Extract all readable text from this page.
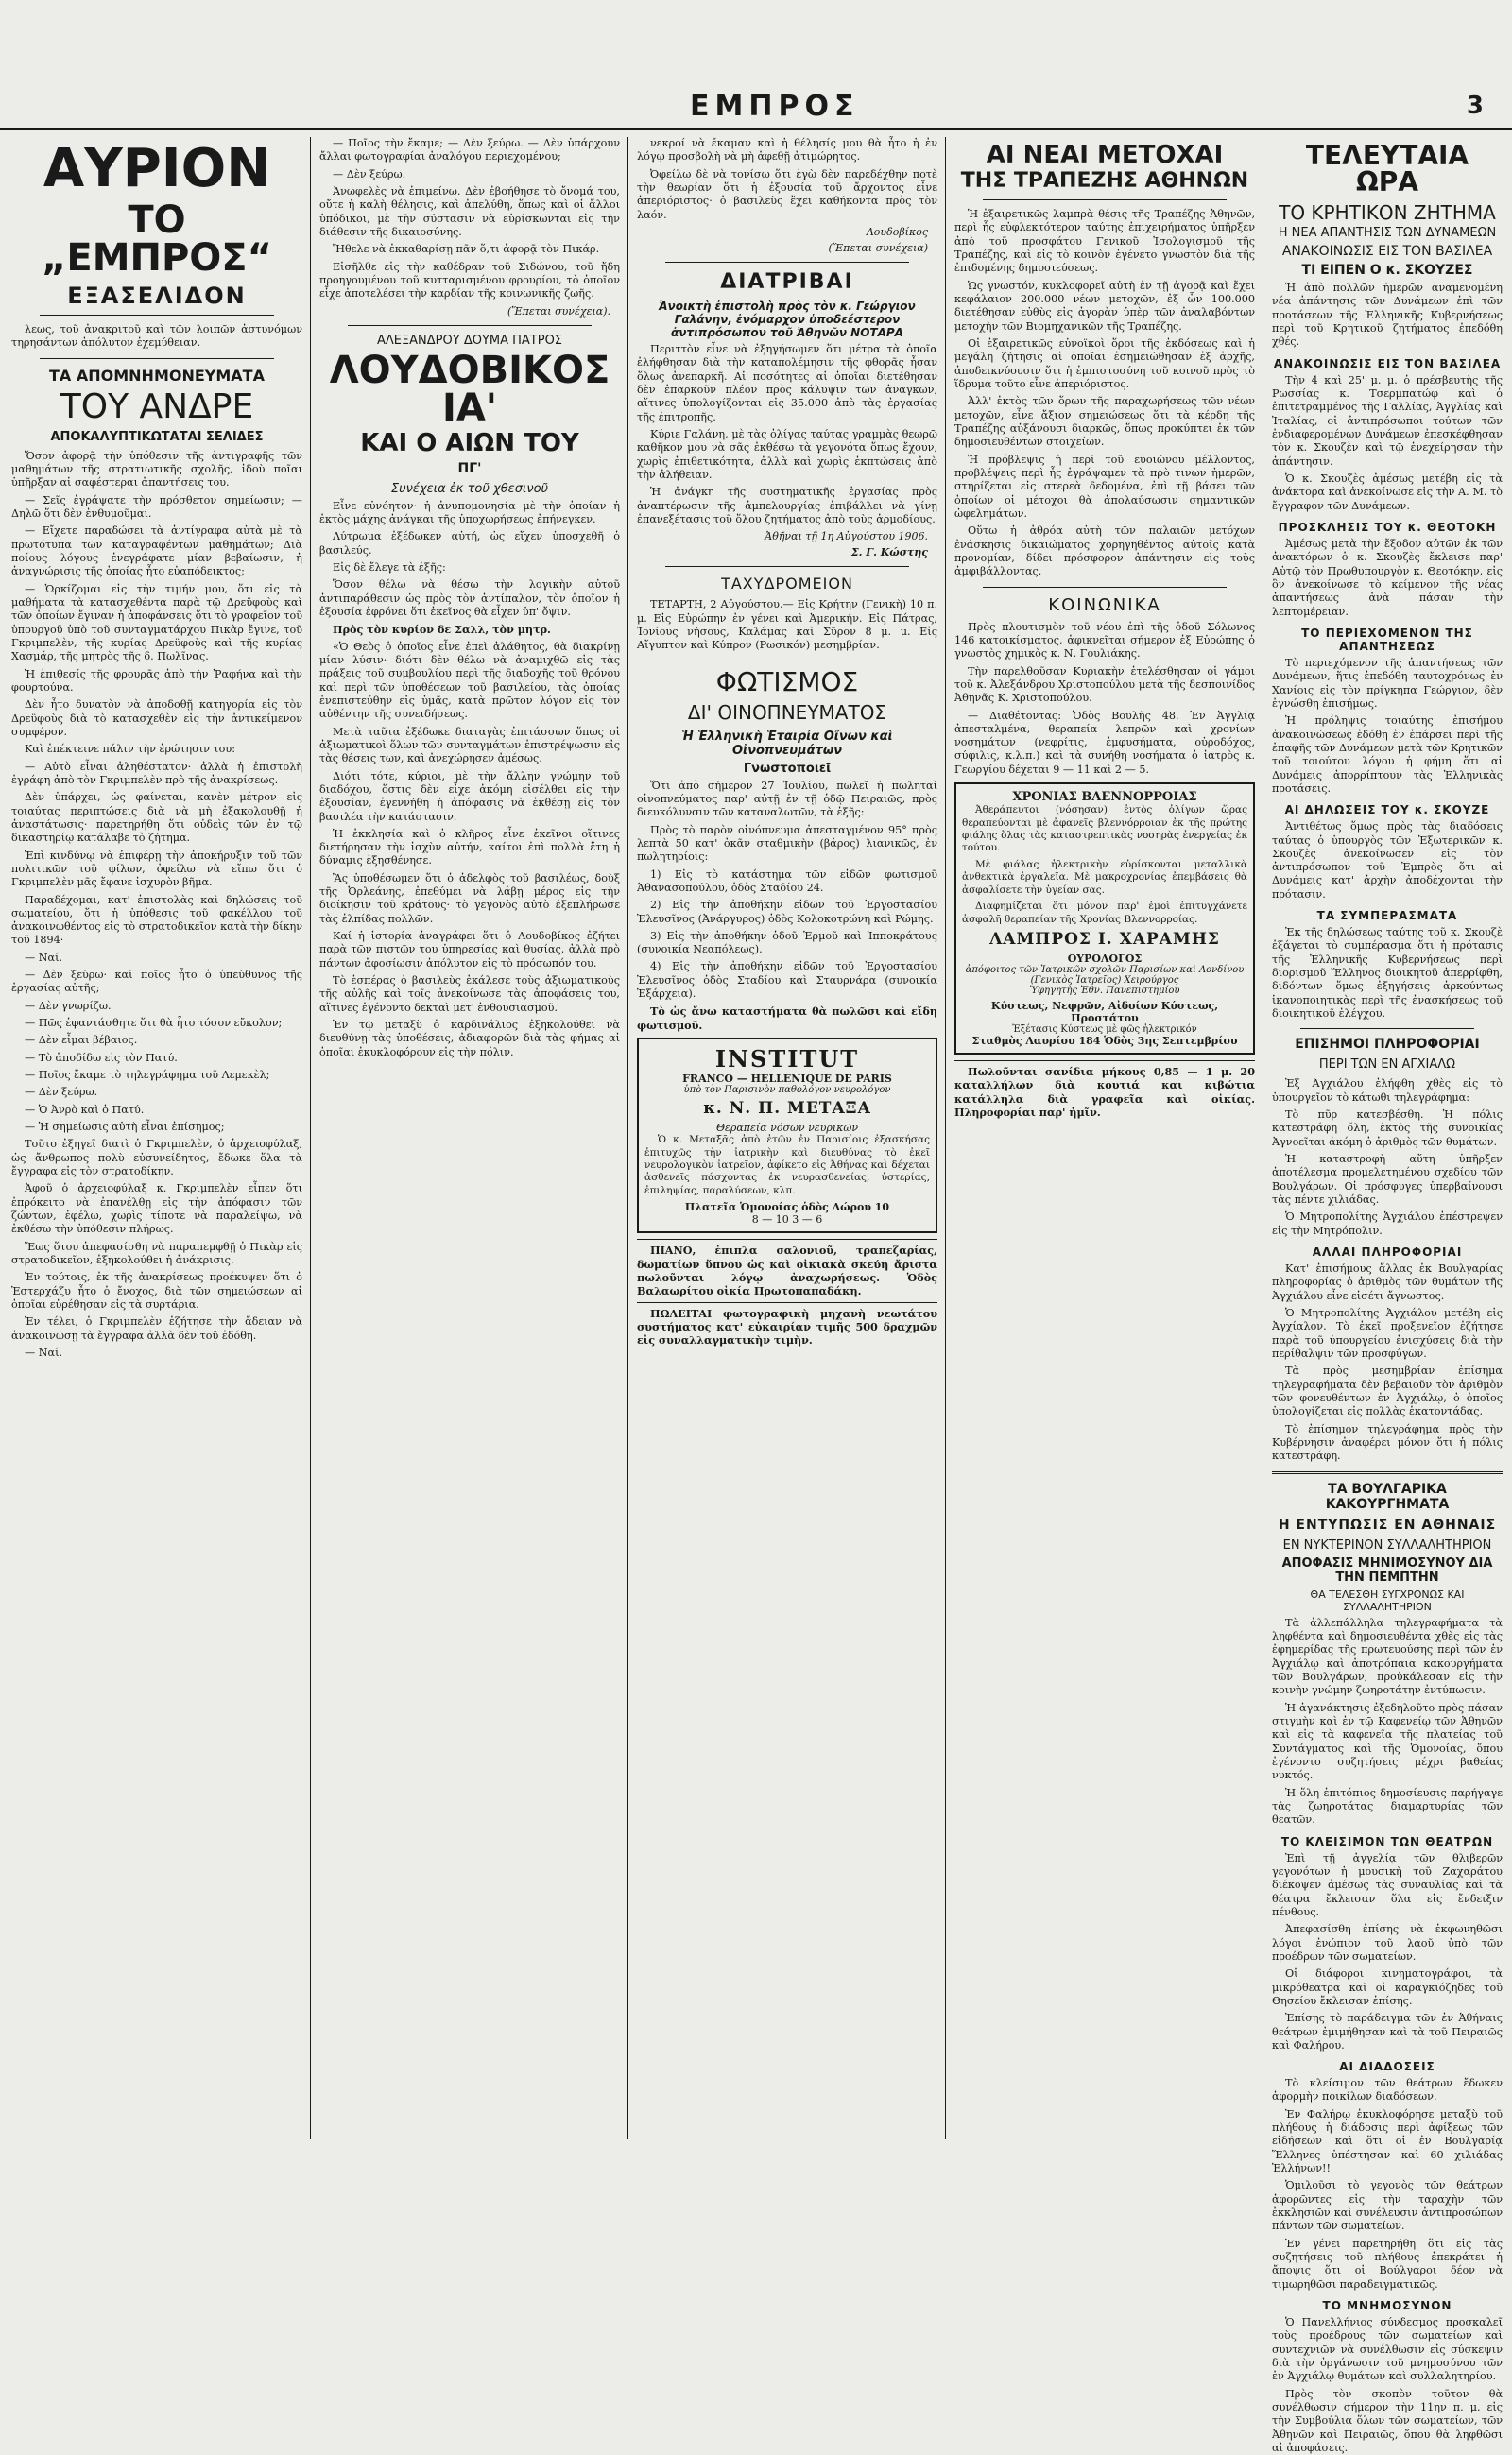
ΕΜΠΡΟΣ	3
ΑΥΡΙΟΝ
ΤΟ „ΕΜΠΡΟΣ“
ΕΞΑΣΕΛΙΔΟΝ

λεως, τοῦ ἀνακριτοῦ καὶ τῶν λοιπῶν ἀστυνόμων τηρησάντων ἀπόλυτον ἐχεμύθειαν.

ΤΑ ΑΠΟΜΝΗΜΟΝΕΥΜΑΤΑ
ΤΟΥ ΑΝΔΡΕ
ΑΠΟΚΑΛΥΠΤΙΚΩΤΑΤΑΙ ΣΕΛΙΔΕΣ

Ὅσον ἀφορᾷ τὴν ὑπόθεσιν τῆς ἀντιγραφῆς τῶν μαθημάτων τῆς στρατιωτικῆς σχολῆς, ἰδοὺ ποῖαι ὑπῆρξαν αἱ σαφέστεραι ἀπαντήσεις του.

— Σεῖς ἐγράψατε τὴν πρόσθετον σημείωσιν; — Δηλῶ ὅτι δὲν ἐνθυμοῦμαι.

— Εἴχετε παραδώσει τὰ ἀντίγραφα αὐτὰ μὲ τὰ πρωτότυπα τῶν καταγραφέντων μαθημάτων; Διὰ ποίους λόγους ἐνεγράφατε μίαν βεβαίωσιν, ἡ ἀναγνώρισις τῆς ὁποίας ἦτο εὐαπόδεικτος;

— Ὡρκίζομαι εἰς τὴν τιμήν μου, ὅτι εἰς τὰ μαθήματα τὰ κατασχεθέντα παρὰ τῷ Δρεϋφοὺς καὶ τῶν ὁποίων ἔγιναν ἡ ἀποφάνσεις ὅτι τὸ γραφεῖον τοῦ ὑπουργοῦ ὑπὸ τοῦ συνταγματάρχου Πικὰρ ἔγινε, τοῦ Γκριμπελὲν, τῆς κυρίας Δρεϋφοὺς καὶ τῆς κυρίας Χασμάρ, τῆς μητρὸς τῆς δ. Πωλῖνας.

Ἡ ἐπιθεσίς τῆς φρουρᾶς ἀπὸ τὴν Ῥαφήνα καὶ τὴν φουρτούνα.

Δὲν ἦτο δυνατὸν νὰ ἀποδοθῇ κατηγορία εἰς τὸν Δρεϋφοὺς διὰ τὸ κατασχεθὲν εἰς τὴν ἀντικείμενον συμφέρον.

Καὶ ἐπέκτεινε πάλιν τὴν ἐρώτησιν του:

— Αὐτὸ εἶναι ἀληθέστατον· ἀλλὰ ἡ ἐπιστολὴ ἐγράφη ἀπὸ τὸν Γκριμπελὲν πρὸ τῆς ἀνακρίσεως.

Δὲν ὑπάρχει, ὡς φαίνεται, κανὲν μέτρον εἰς τοιαύτας περιπτώσεις διὰ νὰ μὴ ἐξακολουθῇ ἡ ἀναστάτωσις· παρετηρήθη ὅτι οὐδεὶς τῶν ἐν τῷ δικαστηρίῳ κατάλαβε τὸ ζήτημα.

Ἐπὶ κινδύνῳ νὰ ἐπιφέρῃ τὴν ἀποκήρυξιν τοῦ τῶν πολιτικῶν τοῦ φίλων, ὀφείλω νὰ εἴπω ὅτι ὁ Γκριμπελὲν μᾶς ἔφανε ἰσχυρὸν βῆμα.

Παραδέχομαι, κατ' ἐπιστολὰς καὶ δηλώσεις τοῦ σωματείου, ὅτι ἡ ὑπόθεσις τοῦ φακέλλου τοῦ ἀνακοινωθέντος εἰς τὸ στρατοδικεῖον κατὰ τὴν δίκην τοῦ 1894·

— Ναί.

— Δὲν ξεύρω· καὶ ποῖος ἦτο ὁ ὑπεύθυνος τῆς ἐργασίας αὐτῆς;

— Δὲν γνωρίζω.

— Πῶς ἐφαντάσθητε ὅτι θὰ ἦτο τόσον εὔκολον;

— Δὲν εἶμαι βέβαιος.

— Τὸ ἀποδίδω εἰς τὸν Πατύ.

— Ποῖος ἔκαμε τὸ τηλεγράφημα τοῦ Λεμεκὲλ;

— Δὲν ξεύρω.

— Ὁ Ἀνρὸ καὶ ὁ Πατύ.

— Ἡ σημείωσις αὐτὴ εἶναι ἐπίσημος;

Τοῦτο ἐξηγεῖ διατὶ ὁ Γκριμπελὲν, ὁ ἀρχειοφύλαξ, ὡς ἄνθρωπος πολὺ εὐσυνείδητος, ἔδωκε ὅλα τὰ ἔγγραφα εἰς τὸν στρατοδίκην.

Ἀφοῦ ὁ ἀρχειοφύλαξ κ. Γκριμπελὲν εἶπεν ὅτι ἐπρόκειτο νὰ ἐπανέλθῃ εἰς τὴν ἀπόφασιν τῶν ζώντων, ἐφέλω, χωρὶς τίποτε νὰ παραλείψω, νὰ ἐκθέσω τὴν ὑπόθεσιν πλήρως.

Ἔως ὅτου ἀπεφασίσθη νὰ παραπεμφθῇ ὁ Πικὰρ εἰς στρατοδικεῖον, ἐξηκολούθει ἡ ἀνάκρισις.

Ἐν τούτοις, ἐκ τῆς ἀνακρίσεως προέκυψεν ὅτι ὁ Ἐστερχάζυ ἦτο ὁ ἔνοχος, διὰ τῶν σημειώσεων αἱ ὁποῖαι εὑρέθησαν εἰς τὰ συρτάρια.

Ἐν τέλει, ὁ Γκριμπελὲν ἐζήτησε τὴν ἄδειαν νὰ ἀνακοινώσῃ τὰ ἔγγραφα ἀλλὰ δὲν τοῦ ἐδόθη.

— Ναί.

— Ποῖος τὴν ἔκαμε; — Δὲν ξεύρω. — Δὲν ὑπάρχουν ἄλλαι φωτογραφίαι ἀναλόγου περιεχομένου;

— Δὲν ξεύρω.

Ἀνωφελὲς νὰ ἐπιμείνω. Δὲν ἐβοήθησε τὸ ὄνομά του, οὔτε ἡ καλὴ θέλησις, καὶ ἀπελύθη, ὅπως καὶ οἱ ἄλλοι ὑπόδικοι, μὲ τὴν σύστασιν νὰ εὑρίσκωνται εἰς τὴν διάθεσιν τῆς δικαιοσύνης.

Ἤθελε νὰ ἐκκαθαρίσῃ πᾶν ὅ,τι ἀφορᾷ τὸν Πικάρ.

Εἰσῆλθε εἰς τὴν καθέδραν τοῦ Σιδώνου, τοῦ ἤδη προηγουμένου τοῦ κυτταρισμένου φρουρίου, τὸ ὁποῖον εἶχε ἀποτελέσει τὴν καρδίαν τῆς κοινωνικῆς ζωῆς.

(Ἕπεται συνέχεια).
ΑΛΕΞΑΝΔΡΟΥ ΔΟΥΜΑ ΠΑΤΡΟΣ
ΛΟΥΔΟΒΙΚΟΣ ΙΑ'
ΚΑΙ Ο ΑΙΩΝ ΤΟΥ
ΠΓ'
Συνέχεια ἐκ τοῦ χθεσινοῦ

Εἶνε εὐνόητον· ἡ ἀνυπομονησία μὲ τὴν ὁποίαν ἡ ἐκτὸς μάχης ἀνάγκαι τῆς ὑποχωρήσεως ἐπήνεγκεν.

Λύτρωμα ἐξέδωκεν αὐτή, ὡς εἴχεν ὑποσχεθῆ ὁ βασιλεύς.

Εἰς δὲ ἔλεγε τὰ ἑξῆς:

Ὅσον θέλω νὰ θέσω τὴν λογικὴν αὐτοῦ ἀντιπαράθεσιν ὡς πρὸς τὸν ἀντίπαλον, τὸν ὁποῖον ἡ ἐξουσία ἐφρόνει ὅτι ἐκεῖνος θὰ εἶχεν ὑπ' ὄψιν.

Πρὸς τὸν κυρίον δε Σαλλ, τὸν μητρ.

«Ὁ Θεὸς ὁ ὁποῖος εἶνε ἐπεὶ ἀλάθητος, θὰ διακρίνῃ μίαν λύσιν· διότι δὲν θέλω νὰ ἀναμιχθῶ εἰς τὰς πράξεις τοῦ συμβουλίου περὶ τῆς διαδοχῆς τοῦ θρόνου καὶ περὶ τῶν ὑποθέσεων τοῦ βασιλείου, τὰς ὁποίας ἐνεπιστεύθην εἰς ὑμᾶς, κατὰ πρῶτον λόγον εἰς τὸν αὐθέντην τῆς συνειδήσεως.

Μετὰ ταῦτα ἐξέδωκε διαταγὰς ἐπιτάσσων ὅπως οἱ ἀξιωματικοὶ ὅλων τῶν συνταγμάτων ἐπιστρέψωσιν εἰς τὰς θέσεις των, καὶ ἀνεχώρησεν ἀμέσως.

Διότι τότε, κύριοι, μὲ τὴν ἄλλην γνώμην τοῦ διαδόχου, ὅστις δὲν εἶχε ἀκόμη εἰσέλθει εἰς τὴν ἐξουσίαν, ἐγεννήθη ἡ ἀπόφασις νὰ ἐκθέσῃ εἰς τὸν βασιλέα τὴν κατάστασιν.

Ἡ ἐκκλησία καὶ ὁ κλῆρος εἶνε ἐκεῖνοι οἵτινες διετήρησαν τὴν ἰσχὺν αὐτήν, καίτοι ἐπὶ πολλὰ ἔτη ἡ δύναμις ἐξησθένησε.

Ἂς ὑποθέσωμεν ὅτι ὁ ἀδελφὸς τοῦ βασιλέως, δοὺξ τῆς Ὀρλεάνης, ἐπεθύμει νὰ λάβῃ μέρος εἰς τὴν διοίκησιν τοῦ κράτους· τὸ γεγονὸς αὐτὸ ἐξεπλήρωσε τὰς ἐλπίδας πολλῶν.

Καί ἡ ἱστορία ἀναγράφει ὅτι ὁ Λουδοβίκος ἐζήτει παρὰ τῶν πιστῶν του ὑπηρεσίας καὶ θυσίας, ἀλλὰ πρὸ πάντων ἀφοσίωσιν ἀπόλυτον εἰς τὸ πρόσωπόν του.

Τὸ ἑσπέρας ὁ βασιλεὺς ἐκάλεσε τοὺς ἀξιωματικοὺς τῆς αὐλῆς καὶ τοῖς ἀνεκοίνωσε τὰς ἀποφάσεις του, αἵτινες ἐγένοντο δεκταὶ μετ' ἐνθουσιασμοῦ.

Ἐν τῷ μεταξὺ ὁ καρδινάλιος ἐξηκολούθει νὰ διευθύνῃ τὰς ὑποθέσεις, ἀδιαφορῶν διὰ τὰς φήμας αἱ ὁποῖαι ἐκυκλοφόρουν εἰς τὴν πόλιν.

νεκροί νὰ ἔκαμαν καὶ ἡ θέλησίς μου θὰ ἦτο ἡ ἐν λόγῳ προσβολὴ νὰ μὴ ἀφεθῇ ἀτιμώρητος.

Ὀφείλω δὲ νὰ τονίσω ὅτι ἐγὼ δὲν παρεδέχθην ποτὲ τὴν θεωρίαν ὅτι ἡ ἐξουσία τοῦ ἄρχοντος εἶνε ἀπεριόριστος· ὁ βασιλεὺς ἔχει καθήκοντα πρὸς τὸν λαόν.

Λουδοβίκος
(Ἕπεται συνέχεια)
ΔΙΑΤΡΙΒΑΙ
Ἀνοικτὴ ἐπιστολὴ πρὸς τὸν κ. Γεώργιον Γαλάνην, ἐνόμαρχον ὑποδεέστερον ἀντιπρόσωπον τοῦ Ἀθηνῶν ΝΟΤΑΡΑ

Περιττὸν εἶνε νὰ ἐξηγήσωμεν ὅτι μέτρα τὰ ὁποῖα ἐλήφθησαν διὰ τὴν καταπολέμησιν τῆς φθορᾶς ἦσαν ὅλως ἀνεπαρκῆ. Αἱ ποσότητες αἱ ὁποῖαι διετέθησαν δὲν ἐπαρκοῦν πλέον πρὸς κάλυψιν τῶν ἀναγκῶν, αἵτινες ὑπολογίζονται εἰς 35.000 ἀπὸ τὰς ἐργασίας τῆς ἐπιτροπῆς.

Κύριε Γαλάνη, μὲ τὰς ὀλίγας ταύτας γραμμὰς θεωρῶ καθῆκον μου νὰ σᾶς ἐκθέσω τὰ γεγονότα ὅπως ἔχουν, χωρὶς ἐπιθετικότητα, ἀλλὰ καὶ χωρὶς ἐκπτώσεις ἀπὸ τὴν ἀλήθειαν.

Ἡ ἀνάγκη τῆς συστηματικῆς ἐργασίας πρὸς ἀναπτέρωσιν τῆς ἀμπελουργίας ἐπιβάλλει νὰ γίνῃ ἐπανεξέτασις τοῦ ὅλου ζητήματος ἀπὸ τοὺς ἁρμοδίους.

Ἀθῆναι τῇ 1η Αὐγούστου 1906.
Σ. Γ. Κώστης
ΤΑΧΥΔΡΟΜΕΙΟΝ

ΤΕΤΑΡΤΗ, 2 Αὐγούστου.— Εἰς Κρήτην (Γενικὴ) 10 π. μ. Εἰς Εὐρώπην ἐν γένει καὶ Ἀμερικήν. Εἰς Πάτρας, Ἰονίους νήσους, Καλάμας καὶ Σῦρον 8 μ. μ. Εἰς Αἴγυπτον καὶ Κύπρον (Ρωσικόν) μεσημβρίαν.

ΦΩΤΙΣΜΟΣ
ΔΙ' ΟΙΝΟΠΝΕΥΜΑΤΟΣ
Ἡ Ἑλληνικὴ Ἑταιρία Οἴνων καὶ Οἰνοπνευμάτων
Γνωστοποιεῖ

Ὅτι ἀπὸ σήμερον 27 Ἰουλίου, πωλεῖ ἡ πωληταὶ οἰνοπνεύματος παρ' αὐτῇ ἐν τῇ ὁδῷ Πειραιῶς, πρὸς διευκόλυνσιν τῶν καταναλωτῶν, τὰ ἑξῆς:

Πρὸς τὸ παρὸν οἰνόπνευμα ἀπεσταγμένον 95° πρὸς λεπτὰ 50 κατ' ὀκᾶν σταθμικὴν (βάρος) λιανικῶς, ἐν πωλητηρίοις:

1) Εἰς τὸ κατάστημα τῶν εἰδῶν φωτισμοῦ Ἀθανασοπούλου, ὁδὸς Σταδίου 24.

2) Εἰς τὴν ἀποθήκην εἰδῶν τοῦ Ἐργοστασίου Ἐλευσῖνος (Ἀνάργυρος) ὁδὸς Κολοκοτρώνη καὶ Ρώμης.

3) Εἰς τὴν ἀποθήκην ὁδοῦ Ἑρμοῦ καὶ Ἱπποκράτους (συνοικία Νεαπόλεως).

4) Εἰς τὴν ἀποθήκην εἰδῶν τοῦ Ἐργοστασίου Ἐλευσῖνος ὁδὸς Σταδίου καὶ Σταυρνάρα (συνοικία Ἐξάρχεια).

Τὸ ὡς ἄνω καταστήματα θὰ πωλῶσι καὶ εἴδη φωτισμοῦ.

INSTITUT
FRANCO — HELLENIQUE DE PARIS
ὑπὸ τὸν Παρισινὸν παθολόγον νευρολόγον
κ. Ν. Π. ΜΕΤΑΞΑ
Θεραπεία νόσων νευρικῶν

Ὁ κ. Μεταξᾶς ἀπὸ ἐτῶν ἐν Παρισίοις ἐξασκήσας ἐπιτυχῶς τὴν ἰατρικὴν καὶ διευθύνας τὸ ἐκεῖ νευρολογικὸν ἰατρεῖον, ἀφίκετο εἰς Ἀθήνας καὶ δέχεται ἀσθενεῖς πάσχοντας ἐκ νευρασθενείας, ὑστερίας, ἐπιληψίας, παραλύσεων, κλπ.

Πλατεῖα Ὁμονοίας ὁδὸς Δώρου 10
8 — 10 3 — 6

ΠΙΑΝΟ, ἐπιπλα σαλονιοῦ, τραπεζαρίας, δωματίων ὕπνου ὡς καὶ οἰκιακὰ σκεύη ἄριστα πωλοῦνται λόγῳ ἀναχωρήσεως. Ὁδὸς Βαλαωρίτου οἰκία Πρωτοπαπαδάκη.

ΠΩΛΕΙΤΑΙ φωτογραφικὴ μηχανὴ νεωτάτου συστήματος κατ' εὐκαιρίαν τιμῆς 500 δραχμῶν εἰς συναλλαγματικὴν τιμὴν.

ΑΙ ΝΕΑΙ ΜΕΤΟΧΑΙ
ΤΗΣ ΤΡΑΠΕΖΗΣ ΑΘΗΝΩΝ

Ἡ ἐξαιρετικῶς λαμπρὰ θέσις τῆς Τραπέζης Ἀθηνῶν, περὶ ἧς εὐφλεκτότερον ταύτης ἐπιχειρήματος ὑπῆρξεν ἀπὸ τοῦ προσφάτου Γενικοῦ Ἰσολογισμοῦ τῆς Τραπέζης, καὶ εἰς τὸ κοινὸν ἐγένετο γνωστὸν διὰ τῆς ἐπιδομένης δημοσιεύσεως.

Ὡς γνωστόν, κυκλοφορεῖ αὐτὴ ἐν τῇ ἀγορᾷ καὶ ἔχει κεφάλαιον 200.000 νέων μετοχῶν, ἐξ ὧν 100.000 διετέθησαν εὐθὺς εἰς ἀγορὰν ὑπὲρ τῶν ἀναλαβόντων μετοχὴν τῶν Βιομηχανικῶν τῆς Τραπέζης.

Οἱ ἐξαιρετικῶς εὐνοϊκοὶ ὅροι τῆς ἐκδόσεως καὶ ἡ μεγάλη ζήτησις αἱ ὁποῖαι ἐσημειώθησαν ἐξ ἀρχῆς, ἀποδεικνύουσιν ὅτι ἡ ἐμπιστοσύνη τοῦ κοινοῦ πρὸς τὸ ἵδρυμα τοῦτο εἶνε ἀπεριόριστος.

Ἀλλ' ἐκτὸς τῶν ὅρων τῆς παραχωρήσεως τῶν νέων μετοχῶν, εἶνε ἄξιον σημειώσεως ὅτι τὰ κέρδη τῆς Τραπέζης αὐξάνουσι διαρκῶς, ὅπως προκύπτει ἐκ τῶν δημοσιευθέντων στοιχείων.

Ἡ πρόβλεψις ἡ περὶ τοῦ εὐοιώνου μέλλοντος, προβλέψεις περὶ ἧς ἐγράψαμεν τὰ πρὸ τινων ἡμερῶν, στηρίζεται εἰς στερεὰ δεδομένα, ἐπὶ τῇ βάσει τῶν ὁποίων οἱ μέτοχοι θὰ ἀπολαύσωσιν σημαντικῶν ὠφελημάτων.

Οὕτω ἡ ἀθρόα αὐτὴ τῶν παλαιῶν μετόχων ἐνάσκησις δικαιώματος χορηγηθέντος αὐτοῖς κατὰ προνομίαν, δίδει πρόσφορον ἀπάντησιν εἰς τοὺς ἀμφιβάλλοντας.

ΚΟΙΝΩΝΙΚΑ

Πρὸς πλουτισμὸν τοῦ νέου ἐπὶ τῆς ὁδοῦ Σόλωνος 146 κατοικίσματος, ἀφικνεῖται σήμερον ἐξ Εὐρώπης ὁ γνωστὸς χημικὸς κ. Ν. Γουλιάκης.

Τὴν παρελθοῦσαν Κυριακὴν ἐτελέσθησαν οἱ γάμοι τοῦ κ. Ἀλεξάνδρου Χριστοπούλου μετὰ τῆς δεσποινίδος Ἀθηνᾶς Κ. Χριστοπούλου.

— Διαθέτοντας: Ὁδὸς Βουλῆς 48. Ἐν Ἀγγλίᾳ ἀπεσταλμένα, θεραπεία λεπρῶν καὶ χρονίων νοσημάτων (νεφρίτις, ἐμφυσήματα, οὐροδόχος, σύφιλις, κ.λ.π.) καὶ τὰ συνήθη νοσήματα ὁ ἰατρὸς κ. Γεωργίου δέχεται 9 — 11 καὶ 2 — 5.

ΧΡΟΝΙΑΣ ΒΛΕΝΝΟΡΡΟΙΑΣ

Ἀθεράπευτοι (νόσησαν) ἐντὸς ὀλίγων ὥρας θεραπεύονται μὲ ἀφανεῖς βλεννόρροιαν ἐκ τῆς πρώτης φιάλης ὅλας τὰς καταστρεπτικὰς νοσηρὰς ἐνεργείας ἐκ τούτου.

Μὲ φιάλας ἡλεκτρικὴν εὑρίσκονται μεταλλικὰ ἀνθεκτικὰ ἐργαλεῖα. Μὲ μακροχρονίας ἐπεμβάσεις θὰ ἀσφαλίσετε τὴν ὑγείαν σας.

Διαφημίζεται ὅτι μόνον παρ' ἐμοὶ ἐπιτυγχάνετε ἀσφαλῆ θεραπείαν τῆς Χρονίας Βλεννορροίας.

ΛΑΜΠΡΟΣ Ι. ΧΑΡΑΜΗΣ
ΟΥΡΟΛΟΓΟΣ
ἀπόφοιτος τῶν Ἰατρικῶν σχολῶν Παρισίων καὶ Λονδίνου (Γενικὸς Ἰατρεῖος) Χειρούργος
Ὑφηγητὴς Ἐθν. Πανεπιστημίου
Κύστεως, Νεφρῶν, Αἰδοίων Κύστεως, Προστάτου
Ἐξέτασις Κύστεως μὲ φῶς ἠλεκτρικόν
Σταθμὸς Λαυρίου 184 Ὁδὸς 3ης Σεπτεμβρίου

Πωλοῦνται σανίδια μήκους 0,85 — 1 μ. 20 καταλλήλων διὰ κουτιά και κιβώτια κατάλληλα διὰ γραφεῖα καὶ οἰκίας. Πληροφορίαι παρ' ἡμῖν.

ΤΕΛΕΥΤΑΙΑ ΩΡΑ
ΤΟ ΚΡΗΤΙΚΟΝ ΖΗΤΗΜΑ
Η ΝΕΑ ΑΠΑΝΤΗΣΙΣ ΤΩΝ ΔΥΝΑΜΕΩΝ
ΑΝΑΚΟΙΝΩΣΙΣ ΕΙΣ ΤΟΝ ΒΑΣΙΛΕΑ
ΤΙ ΕΙΠΕΝ Ο κ. ΣΚΟΥΖΕΣ

Ἡ ἀπὸ πολλῶν ἡμερῶν ἀναμενομένη νέα ἀπάντησις τῶν Δυνάμεων ἐπὶ τῶν προτάσεων τῆς Ἑλληνικῆς Κυβερνήσεως περὶ τοῦ Κρητικοῦ ζητήματος ἐπεδόθη χθές.

ΑΝΑΚΟΙΝΩΣΙΣ ΕΙΣ ΤΟΝ ΒΑΣΙΛΕΑ

Τὴν 4 καὶ 25' μ. μ. ὁ πρέσβευτὴς τῆς Ρωσσίας κ. Τσερμπατώφ καὶ ὁ ἐπιτετραμμένος τῆς Γαλλίας, Ἀγγλίας καὶ Ἰταλίας, οἱ ἀντιπρόσωποι τούτων τῶν ἐνδιαφερομένων Δυνάμεων ἐπεσκέφθησαν τὸν κ. Σκουζὲν καὶ τῷ ἐνεχείρησαν τὴν ἀπάντησιν.

Ὁ κ. Σκουζὲς ἀμέσως μετέβη εἰς τὰ ἀνάκτορα καὶ ἀνεκοίνωσε εἰς τὴν Α. Μ. τὸ ἔγγραφον τῶν Δυνάμεων.

ΠΡΟΣΚΛΗΣΙΣ ΤΟΥ κ. ΘΕΟΤΟΚΗ

Ἀμέσως μετὰ τὴν ἔξοδον αὐτῶν ἐκ τῶν ἀνακτόρων ὁ κ. Σκουζὲς ἔκλεισε παρ' Αὐτῷ τὸν Πρωθυπουργὸν κ. Θεοτόκην, εἰς ὃν ἀνεκοίνωσε τὸ κείμενον τῆς νέας ἀπαντήσεως ἀνὰ πάσαν τὴν λεπτομέρειαν.

ΤΟ ΠΕΡΙΕΧΟΜΕΝΟΝ ΤΗΣ ΑΠΑΝΤΗΣΕΩΣ

Τὸ περιεχόμενον τῆς ἀπαντήσεως τῶν Δυνάμεων, ἥτις ἐπεδόθη ταυτοχρόνως ἐν Χανίοις εἰς τὸν πρίγκηπα Γεώργιον, δὲν ἐγνώσθη ἐπισήμως.

Ἡ πρόληψις τοιαύτης ἐπισήμου ἀνακοινώσεως ἐδόθη ἐν ἐπάρσει περὶ τῆς ἐπαφῆς τῶν Δυνάμεων μετὰ τῶν Κρητικῶν τοῦ τοιούτου λόγου ἡ φήμη ὅτι αἱ Δυνάμεις ἀπορρίπτουν τὰς Ἑλληνικὰς προτάσεις.

ΑΙ ΔΗΛΩΣΕΙΣ ΤΟΥ κ. ΣΚΟΥΖΕ

Ἀντιθέτως ὅμως πρὸς τὰς διαδόσεις ταύτας ὁ ὑπουργὸς τῶν Ἐξωτερικῶν κ. Σκουζὲς ἀνεκοίνωσεν εἰς τὸν ἀντιπρόσωπον τοῦ Ἐμπρὸς ὅτι αἱ Δυνάμεις κατ' ἀρχὴν ἀποδέχονται τὴν πρότασιν.

ΤΑ ΣΥΜΠΕΡΑΣΜΑΤΑ

Ἐκ τῆς δηλώσεως ταύτης τοῦ κ. Σκουζὲ ἐξάγεται τὸ συμπέρασμα ὅτι ἡ πρότασις τῆς Ἑλληνικῆς Κυβερνήσεως περὶ διορισμοῦ Ἕλληνος διοικητοῦ ἀπερρίφθη, διδόντων ὅμως ἐξηγήσεις ἀρκούντως ἱκανοποιητικὰς περὶ τῆς ἐνασκήσεως τοῦ διοικητικοῦ ἐλέγχου.

ΕΠΙΣΗΜΟΙ ΠΛΗΡΟΦΟΡΙΑΙ
ΠΕΡΙ ΤΩΝ ΕΝ ΑΓΧΙΑΛΩ

Ἐξ Ἀγχιάλου ἐλήφθη χθὲς εἰς τὸ ὑπουργεῖον τὸ κάτωθι τηλεγράφημα:

Τὸ πῦρ κατεσβέσθη. Ἡ πόλις κατεστράφη ὅλη, ἐκτὸς τῆς συνοικίας Ἀγνοεῖται ἀκόμη ὁ ἀριθμὸς τῶν θυμάτων.

Ἡ καταστροφὴ αὕτη ὑπῆρξεν ἀποτέλεσμα προμελετημένου σχεδίου τῶν Βουλγάρων. Οἱ πρόσφυγες ὑπερβαίνουσι τὰς πέντε χιλιάδας.

Ὁ Μητροπολίτης Ἀγχιάλου ἐπέστρεψεν εἰς τὴν Μητρόπολιν.

ΑΛΛΑΙ ΠΛΗΡΟΦΟΡΙΑΙ

Κατ' ἐπισήμους ἄλλας ἐκ Βουλγαρίας πληροφορίας ὁ ἀριθμὸς τῶν θυμάτων τῆς Ἀγχιάλου εἶνε εἰσέτι ἄγνωστος.

Ὁ Μητροπολίτης Ἀγχιάλου μετέβη εἰς Ἀγχίαλον. Τὸ ἐκεῖ προξενεῖον ἐζήτησε παρὰ τοῦ ὑπουργείου ἐνισχύσεις διὰ τὴν περίθαλψιν τῶν προσφύγων.

Τὰ πρὸς μεσημβρίαν ἐπίσημα τηλεγραφήματα δὲν βεβαιοῦν τὸν ἀριθμὸν τῶν φονευθέντων ἐν Ἀγχιάλῳ, ὁ ὁποῖος ὑπολογίζεται εἰς πολλὰς ἑκατοντάδας.

Τὸ ἐπίσημον τηλεγράφημα πρὸς τὴν Κυβέρνησιν ἀναφέρει μόνον ὅτι ἡ πόλις κατεστράφη.

ΤΑ ΒΟΥΛΓΑΡΙΚΑ ΚΑΚΟΥΡΓΗΜΑΤΑ
Η ΕΝΤΥΠΩΣΙΣ ΕΝ ΑΘΗΝΑΙΣ
ΕΝ ΝΥΚΤΕΡΙΝΟΝ ΣΥΛΛΑΛΗΤΗΡΙΟΝ
ΑΠΟΦΑΣΙΣ ΜΗΝΙΜΟΣΥΝΟΥ ΔΙΑ ΤΗΝ ΠΕΜΠΤΗΝ
ΘΑ ΤΕΛΕΣΘΗ ΣΥΓΧΡΟΝΩΣ ΚΑΙ ΣΥΛΛΑΛΗΤΗΡΙΟΝ

Τὰ ἀλλεπάλληλα τηλεγραφήματα τὰ ληφθέντα καὶ δημοσιευθέντα χθὲς εἰς τὰς ἐφημερίδας τῆς πρωτευούσης περὶ τῶν ἐν Ἀγχιάλῳ καὶ ἀποτρόπαια κακουργήματα τῶν Βουλγάρων, προὐκάλεσαν εἰς τὴν κοινὴν γνώμην ζωηροτάτην ἐντύπωσιν.

Ἡ ἀγανάκτησις ἐξεδηλοῦτο πρὸς πάσαν στιγμὴν καὶ ἐν τῷ Καφενείῳ τῶν Ἀθηνῶν καὶ εἰς τὰ καφενεῖα τῆς πλατείας τοῦ Συντάγματος καὶ τῆς Ὁμονοίας, ὅπου ἐγένοντο συζητήσεις μέχρι βαθείας νυκτός.

Ἡ ὅλη ἐπιτόπιος δημοσίευσις παρήγαγε τὰς ζωηροτάτας διαμαρτυρίας τῶν θεατῶν.

ΤΟ ΚΛΕΙΣΙΜΟΝ ΤΩΝ ΘΕΑΤΡΩΝ

Ἐπὶ τῇ ἀγγελίᾳ τῶν θλιβερῶν γεγονότων ἡ μουσικὴ τοῦ Ζαχαράτου διέκοψεν ἀμέσως τὰς συναυλίας καὶ τὰ θέατρα ἔκλεισαν ὅλα εἰς ἔνδειξιν πένθους.

Ἀπεφασίσθη ἐπίσης νὰ ἐκφωνηθῶσι λόγοι ἐνώπιον τοῦ λαοῦ ὑπὸ τῶν προέδρων τῶν σωματείων.

Οἱ διάφοροι κινηματογράφοι, τὰ μικρόθεατρα καὶ οἱ καραγκιόζηδες τοῦ Θησείου ἔκλεισαν ἐπίσης.

Ἐπίσης τὸ παράδειγμα τῶν ἐν Ἀθήναις θεάτρων ἐμιμήθησαν καὶ τὰ τοῦ Πειραιῶς καὶ Φαλήρου.

ΑΙ ΔΙΑΔΟΣΕΙΣ

Τὸ κλείσιμον τῶν θεάτρων ἔδωκεν ἀφορμὴν ποικίλων διαδόσεων.

Ἐν Φαλήρῳ ἐκυκλοφόρησε μεταξὺ τοῦ πλήθους ἡ διάδοσις περὶ ἀφίξεως τῶν εἰδήσεων καὶ ὅτι οἱ ἐν Βουλγαρίᾳ Ἕλληνες ὑπέστησαν καὶ 60 χιλιάδας Ἑλλήνων!!

Ὁμιλοῦσι τὸ γεγονὸς τῶν θεάτρων ἀφορῶντες εἰς τὴν ταραχὴν τῶν ἐκκλησιῶν καὶ συνέλευσιν ἀντιπροσώπων πάντων τῶν σωματείων.

Ἐν γένει παρετηρήθη ὅτι εἰς τὰς συζητήσεις τοῦ πλήθους ἐπεκράτει ἡ ἄποψις ὅτι οἱ Βούλγαροι δέον νὰ τιμωρηθῶσι παραδειγματικῶς.

ΤΟ ΜΝΗΜΟΣΥΝΟΝ

Ὁ Πανελλήνιος σύνδεσμος προσκαλεῖ τοὺς προέδρους τῶν σωματείων καὶ συντεχνιῶν νὰ συνέλθωσιν εἰς σύσκεψιν διὰ τὴν ὀργάνωσιν τοῦ μνημοσύνου τῶν ἐν Ἀγχιάλῳ θυμάτων καὶ συλλαλητηρίου.

Πρὸς τὸν σκοπὸν τοῦτον θὰ συνέλθωσιν σήμερον τὴν 11ην π. μ. εἰς τὴν Συμβούλια ὅλων τῶν σωματείων, τῶν Ἀθηνῶν καὶ Πειραιῶς, ὅπου θὰ ληφθῶσι αἱ ἀποφάσεις.
